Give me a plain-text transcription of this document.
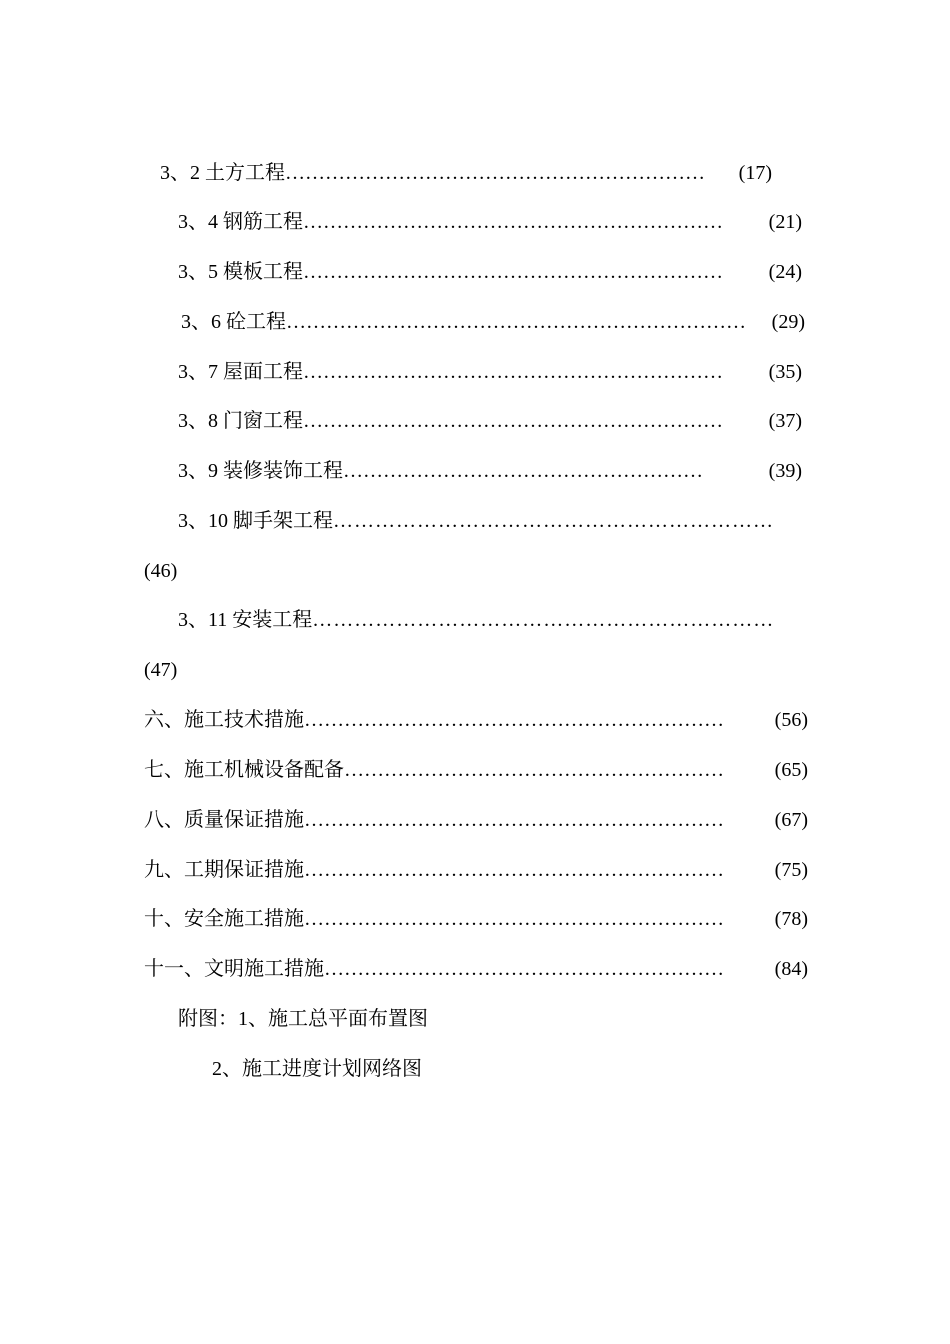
3、2 土方工程 ………………………………………………………	(17)
3、4 钢筋工程 ………………………………………………………	(21)
3、5 模板工程 ………………………………………………………	(24)
3、6 砼工程 ……………………………………………………………	(29)
3、7 屋面工程 ………………………………………………………	(35)
3、8 门窗工程 ………………………………………………………	(37)
3、9 装修装饰工程 ………………………………………………	(39)
3、10 脚手架工程 ………………………………………………………
(46)
3、11 安装工程 …………………………………………………………
(47)
六、施工技术措施 ………………………………………………………	(56)
七、施工机械设备配备 …………………………………………………	(65)
八、质量保证措施 ………………………………………………………	(67)
九、工期保证措施 ………………………………………………………	(75)
十、安全施工措施 ………………………………………………………	(78)
十一、文明施工措施 ……………………………………………………	(84)
附图：1、施工总平面布置图
2、施工进度计划网络图
